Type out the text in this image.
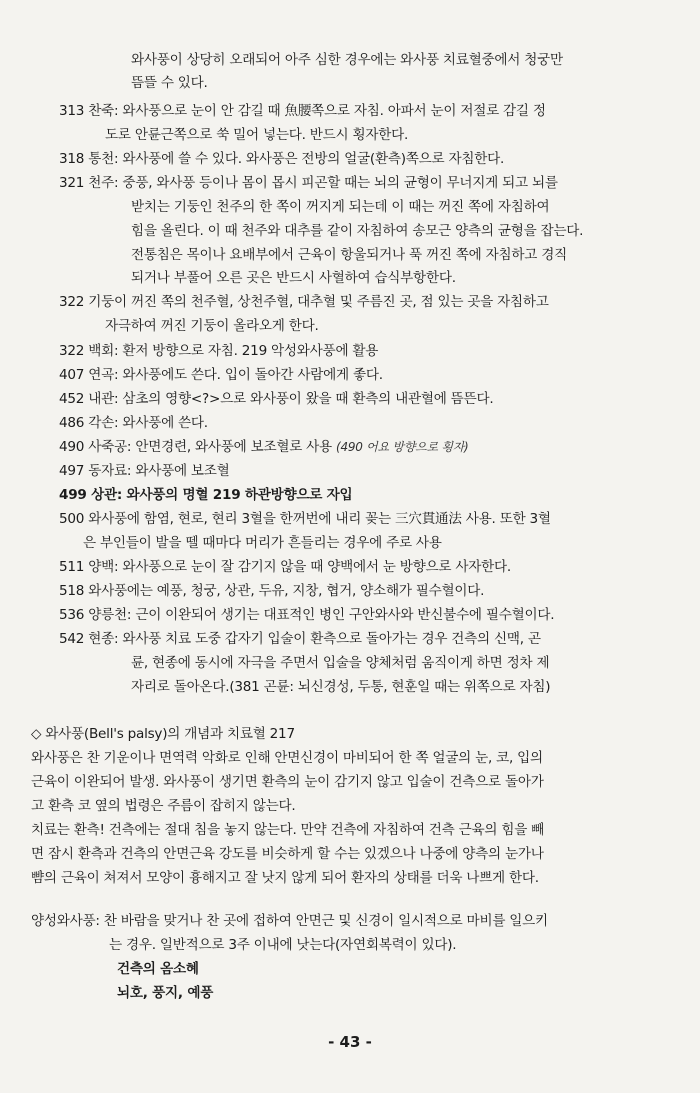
와사풍이 상당히 오래되어 아주 심한 경우에는 와사풍 치료혈중에서 청궁만
뜸뜰 수 있다.
313 찬죽: 와사풍으로 눈이 안 감길 때 魚腰쪽으로 자침. 아파서 눈이 저절로 감길 정
도로 안륜근쪽으로 쑥 밀어 넣는다. 반드시 횡자한다.
318 통천: 와사풍에 쓸 수 있다. 와사풍은 전방의 얼굴(환측)쪽으로 자침한다.
321 천주: 중풍, 와사풍 등이나 몸이 몹시 피곤할 때는 뇌의 균형이 무너지게 되고 뇌를
받치는 기둥인 천주의 한 쪽이 꺼지게 되는데 이 때는 꺼진 쪽에 자침하여
힘을 올린다. 이 때 천주와 대추를 같이 자침하여 송모근 양측의 균형을 잡는다.
전통침은 목이나 요배부에서 근육이 항울되거나 푹 꺼진 쪽에 자침하고 경직
되거나 부풀어 오른 곳은 반드시 사혈하여 습식부항한다.
322 기둥이 꺼진 쪽의 천주혈, 상천주혈, 대추혈 및 주름진 곳, 점 있는 곳을 자침하고
자극하여 꺼진 기둥이 올라오게 한다.
322 백회: 환저 방향으로 자침. 219 악성와사풍에 활용
407 연곡: 와사풍에도 쓴다. 입이 돌아간 사람에게 좋다.
452 내관: 삼초의 영향<?>으로 와사풍이 왔을 때 환측의 내관혈에 뜸뜬다.
486 각손: 와사풍에 쓴다.
490 사죽공: 안면경련, 와사풍에 보조혈로 사용 (490 어요 방향으로 횡자)
497 동자료: 와사풍에 보조혈
499 상관: 와사풍의 명혈 219 하관방향으로 자입
500 와사풍에 함염, 현로, 현리 3혈을 한꺼번에 내리 꽂는 三穴貫通法 사용. 또한 3혈
은 부인들이 발을 뗄 때마다 머리가 흔들리는 경우에 주로 사용
511 양백: 와사풍으로 눈이 잘 감기지 않을 때 양백에서 눈 방향으로 사자한다.
518 와사풍에는 예풍, 청궁, 상관, 두유, 지창, 협거, 양소해가 필수혈이다.
536 양릉천: 근이 이완되어 생기는 대표적인 병인 구안와사와 반신불수에 필수혈이다.
542 현종: 와사풍 치료 도중 갑자기 입술이 환측으로 돌아가는 경우 건측의 신맥, 곤
륜, 현종에 동시에 자극을 주면서 입술을 양체처럼 움직이게 하면 정차 제
자리로 돌아온다.(381 곤륜: 뇌신경성, 두통, 현훈일 때는 위쪽으로 자침)
◇ 와사풍(Bell's palsy)의 개념과 치료혈 217
와사풍은 찬 기운이나 면역력 악화로 인해 안면신경이 마비되어 한 쪽 얼굴의 눈, 코, 입의
근육이 이완되어 발생. 와사풍이 생기면 환측의 눈이 감기지 않고 입술이 건측으로 돌아가
고 환측 코 옆의 법령은 주름이 잡히지 않는다.
치료는 환측! 건측에는 절대 침을 놓지 않는다. 만약 건측에 자침하여 건측 근육의 힘을 빼
면 잠시 환측과 건측의 안면근육 강도를 비슷하게 할 수는 있겠으나 나중에 양측의 눈가나
뺨의 근육이 쳐져서 모양이 흉해지고 잘 낫지 않게 되어 환자의 상태를 더욱 나쁘게 한다.
양성와사풍: 찬 바람을 맞거나 찬 곳에 접하여 안면근 및 신경이 일시적으로 마비를 일으키
는 경우. 일반적으로 3주 이내에 낫는다(자연회복력이 있다).
건측의 옴소혜
뇌호, 풍지, 예풍
- 43 -
